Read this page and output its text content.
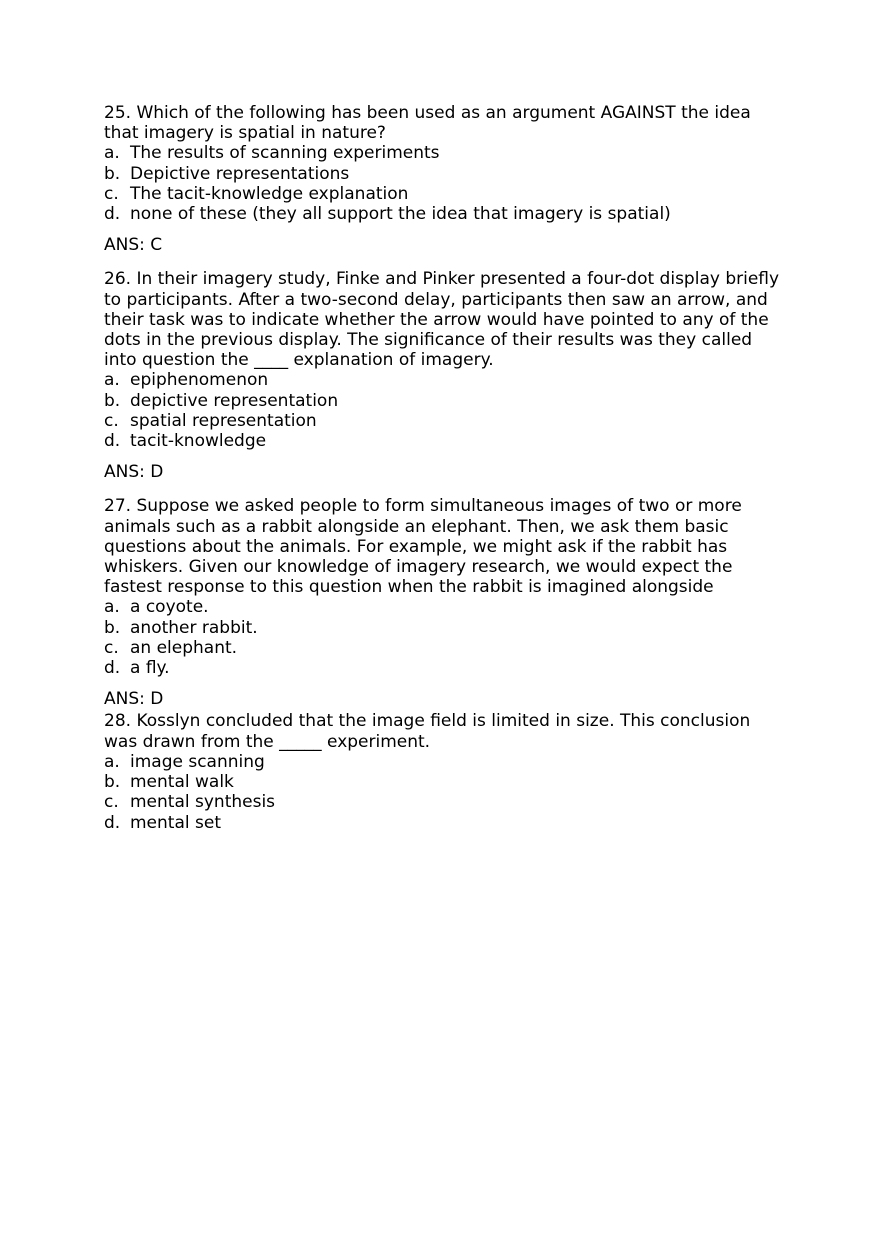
25. Which of the following has been used as an argument AGAINST the idea that imagery is spatial in nature?

a. The results of scanning experiments
b. Depictive representations
c. The tacit-knowledge explanation
d. none of these (they all support the idea that imagery is spatial)

ANS: C

26. In their imagery study, Finke and Pinker presented a four-dot display briefly to participants. After a two-second delay, participants then saw an arrow, and their task was to indicate whether the arrow would have pointed to any of the dots in the previous display. The significance of their results was they called into question the ____ explanation of imagery.

a. epiphenomenon
b. depictive representation
c. spatial representation
d. tacit-knowledge

ANS: D

27. Suppose we asked people to form simultaneous images of two or more animals such as a rabbit alongside an elephant. Then, we ask them basic questions about the animals. For example, we might ask if the rabbit has whiskers. Given our knowledge of imagery research, we would expect the fastest response to this question when the rabbit is imagined alongside

a. a coyote.
b. another rabbit.
c. an elephant.
d. a fly.

ANS: D

28. Kosslyn concluded that the image field is limited in size. This conclusion was drawn from the _____ experiment.

a. image scanning
b. mental walk
c. mental synthesis
d. mental set
